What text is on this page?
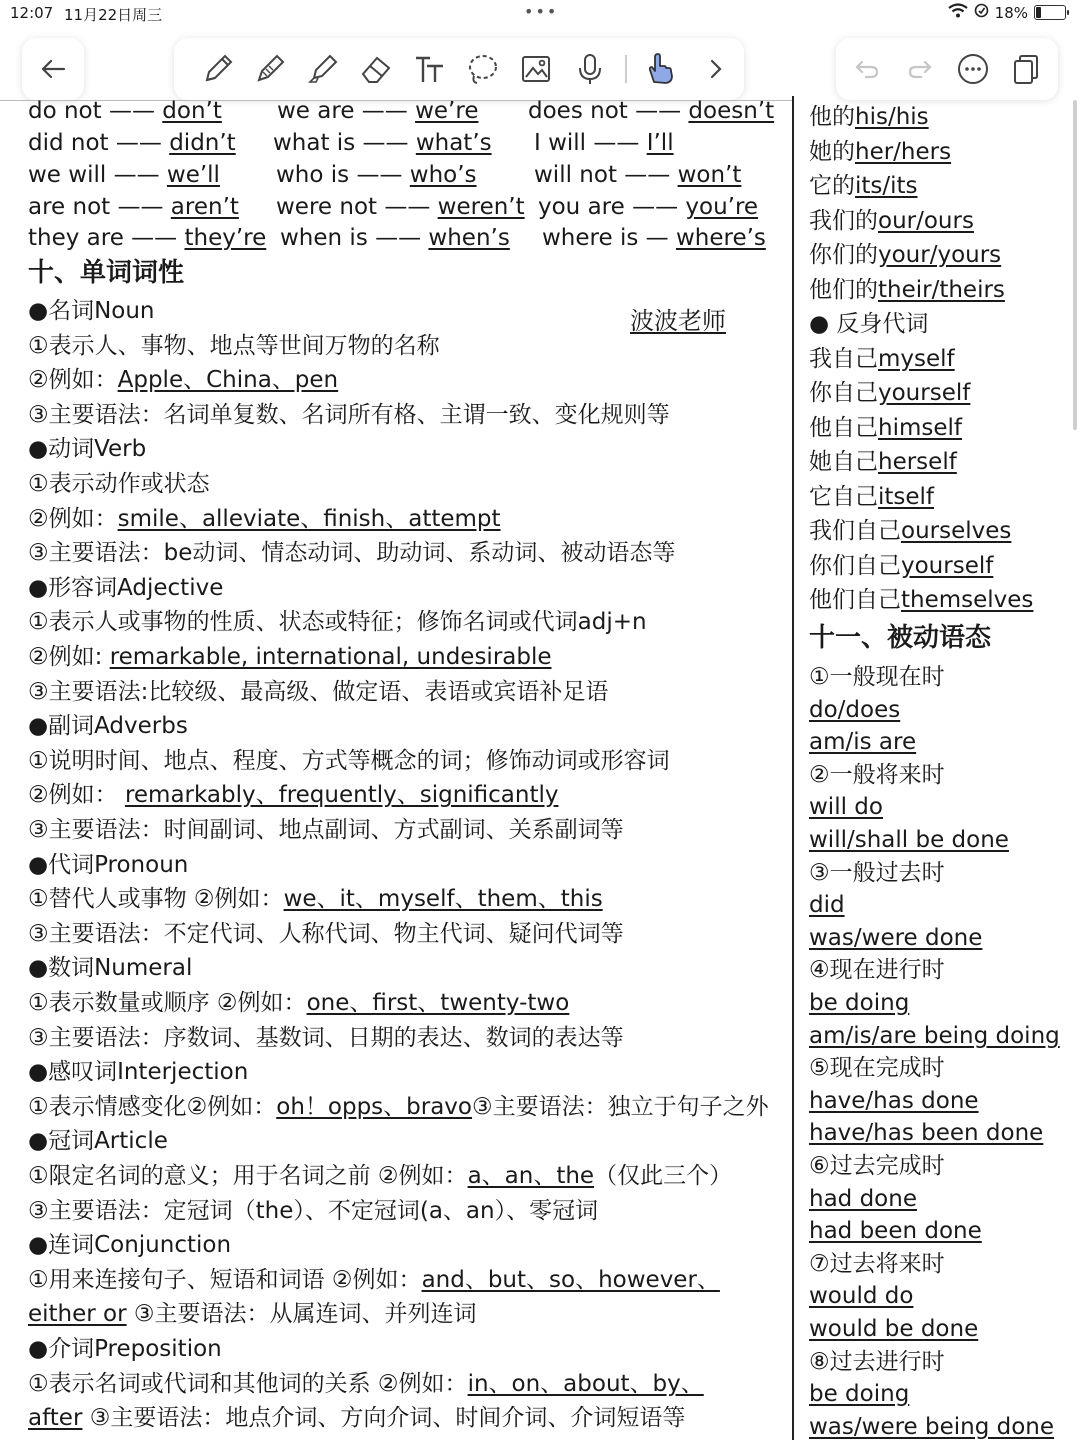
12:07 11月22日周三	•••	18%
do not —— don’t we are —— we’re does not —— doesn’t
did not —— didn’t what is —— what’s I will —— I’ll
we will —— we’ll who is —— who’s will not —— won’t
are not —— aren’t were not —— weren’t you are —— you’re
they are —— they’re when is —— when’s where is — where’s
十、单词词性
波波老师
●名词Noun
①表示人、事物、地点等世间万物的名称
②例如：Apple、China、pen
③主要语法：名词单复数、名词所有格、主谓一致、变化规则等
●动词Verb
①表示动作或状态
②例如：smile、alleviate、finish、attempt
③主要语法：be动词、情态动词、助动词、系动词、被动语态等
●形容词Adjective
①表示人或事物的性质、状态或特征；修饰名词或代词adj+n
②例如: remarkable, international, undesirable
③主要语法:比较级、最高级、做定语、表语或宾语补足语
●副词Adverbs
①说明时间、地点、程度、方式等概念的词；修饰动词或形容词
②例如： remarkably、frequently、significantly
③主要语法：时间副词、地点副词、方式副词、关系副词等
●代词Pronoun
①替代人或事物 ②例如：we、it、myself、them、this
③主要语法：不定代词、人称代词、物主代词、疑问代词等
●数词Numeral
①表示数量或顺序 ②例如：one、first、twenty-two
③主要语法：序数词、基数词、日期的表达、数词的表达等
●感叹词Interjection
①表示情感变化②例如：oh！opps、bravo③主要语法：独立于句子之外
●冠词Article
①限定名词的意义；用于名词之前 ②例如：a、an、the（仅此三个）
③主要语法：定冠词（the）、不定冠词(a、an）、零冠词
●连词Conjunction
①用来连接句子、短语和词语 ②例如：and、but、so、however、
either or ③主要语法：从属连词、并列连词
●介词Preposition
①表示名词或代词和其他词的关系 ②例如：in、on、about、by、
after ③主要语法：地点介词、方向介词、时间介词、介词短语等
他的his/his
她的her/hers
它的its/its
我们的our/ours
你们的your/yours
他们的their/theirs
● 反身代词
我自己myself
你自己yourself
他自己himself
她自己herself
它自己itself
我们自己ourselves
你们自己yourself
他们自己themselves
十一、被动语态
①一般现在时
do/does
am/is are
②一般将来时
will do
will/shall be done
③一般过去时
did
was/were done
④现在进行时
be doing
am/is/are being doing
⑤现在完成时
have/has done
have/has been done
⑥过去完成时
had done
had been done
⑦过去将来时
would do
would be done
⑧过去进行时
be doing
was/were being done
